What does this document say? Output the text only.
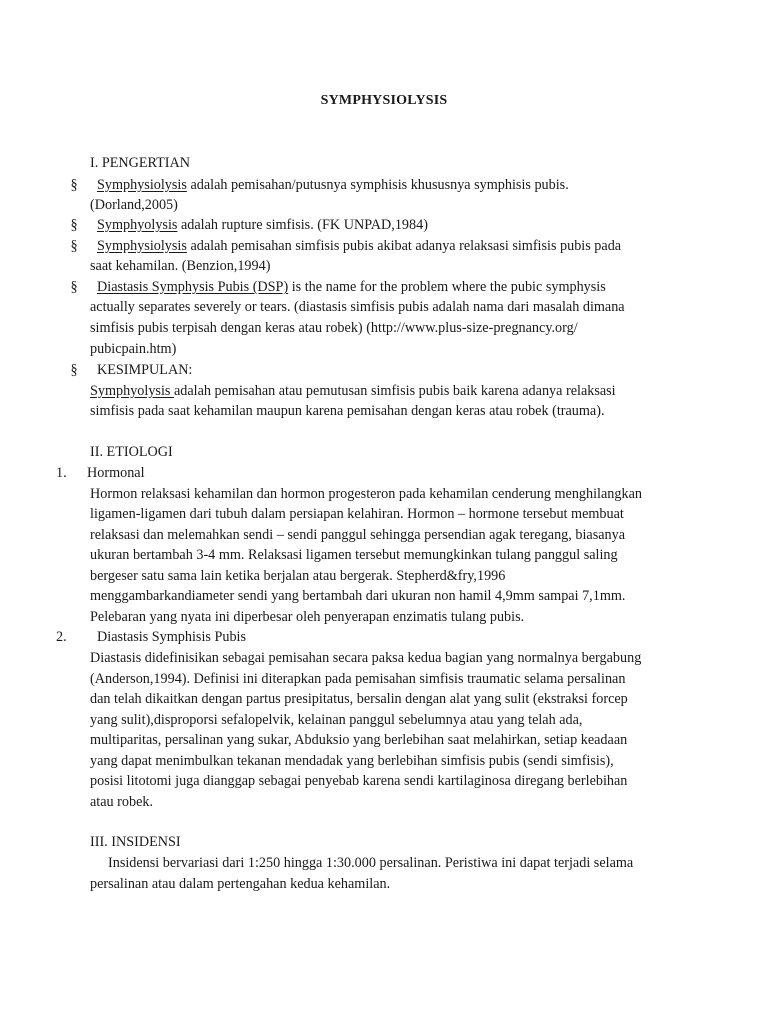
SYMPHYSIOLYSIS
I. PENGERTIAN
§ Symphysiolysis adalah pemisahan/putusnya symphisis khususnya symphisis pubis.
(Dorland,2005)
§ Symphyolysis adalah rupture simfisis. (FK UNPAD,1984)
§ Symphysiolysis adalah pemisahan simfisis pubis akibat adanya relaksasi simfisis pubis pada
saat kehamilan. (Benzion,1994)
§ Diastasis Symphysis Pubis (DSP) is the name for the problem where the pubic symphysis
actually separates severely or tears. (diastasis simfisis pubis adalah nama dari masalah dimana
simfisis pubis terpisah dengan keras atau robek) (http://www.plus-size-pregnancy.org/
pubicpain.htm)
§ KESIMPULAN:
Symphyolysis adalah pemisahan atau pemutusan simfisis pubis baik karena adanya relaksasi
simfisis pada saat kehamilan maupun karena pemisahan dengan keras atau robek (trauma).
II. ETIOLOGI
1. Hormonal
Hormon relaksasi kehamilan dan hormon progesteron pada kehamilan cenderung menghilangkan
ligamen-ligamen dari tubuh dalam persiapan kelahiran. Hormon – hormone tersebut membuat
relaksasi dan melemahkan sendi – sendi panggul sehingga persendian agak teregang, biasanya
ukuran bertambah 3-4 mm. Relaksasi ligamen tersebut memungkinkan tulang panggul saling
bergeser satu sama lain ketika berjalan atau bergerak. Stepherd&fry,1996
menggambarkandiameter sendi yang bertambah dari ukuran non hamil 4,9mm sampai 7,1mm.
Pelebaran yang nyata ini diperbesar oleh penyerapan enzimatis tulang pubis.
2. Diastasis Symphisis Pubis
Diastasis didefinisikan sebagai pemisahan secara paksa kedua bagian yang normalnya bergabung
(Anderson,1994). Definisi ini diterapkan pada pemisahan simfisis traumatic selama persalinan
dan telah dikaitkan dengan partus presipitatus, bersalin dengan alat yang sulit (ekstraksi forcep
yang sulit),disproporsi sefalopelvik, kelainan panggul sebelumnya atau yang telah ada,
multiparitas, persalinan yang sukar, Abduksio yang berlebihan saat melahirkan, setiap keadaan
yang dapat menimbulkan tekanan mendadak yang berlebihan simfisis pubis (sendi simfisis),
posisi litotomi juga dianggap sebagai penyebab karena sendi kartilaginosa diregang berlebihan
atau robek.
III. INSIDENSI
Insidensi bervariasi dari 1:250 hingga 1:30.000 persalinan. Peristiwa ini dapat terjadi selama
persalinan atau dalam pertengahan kedua kehamilan.
